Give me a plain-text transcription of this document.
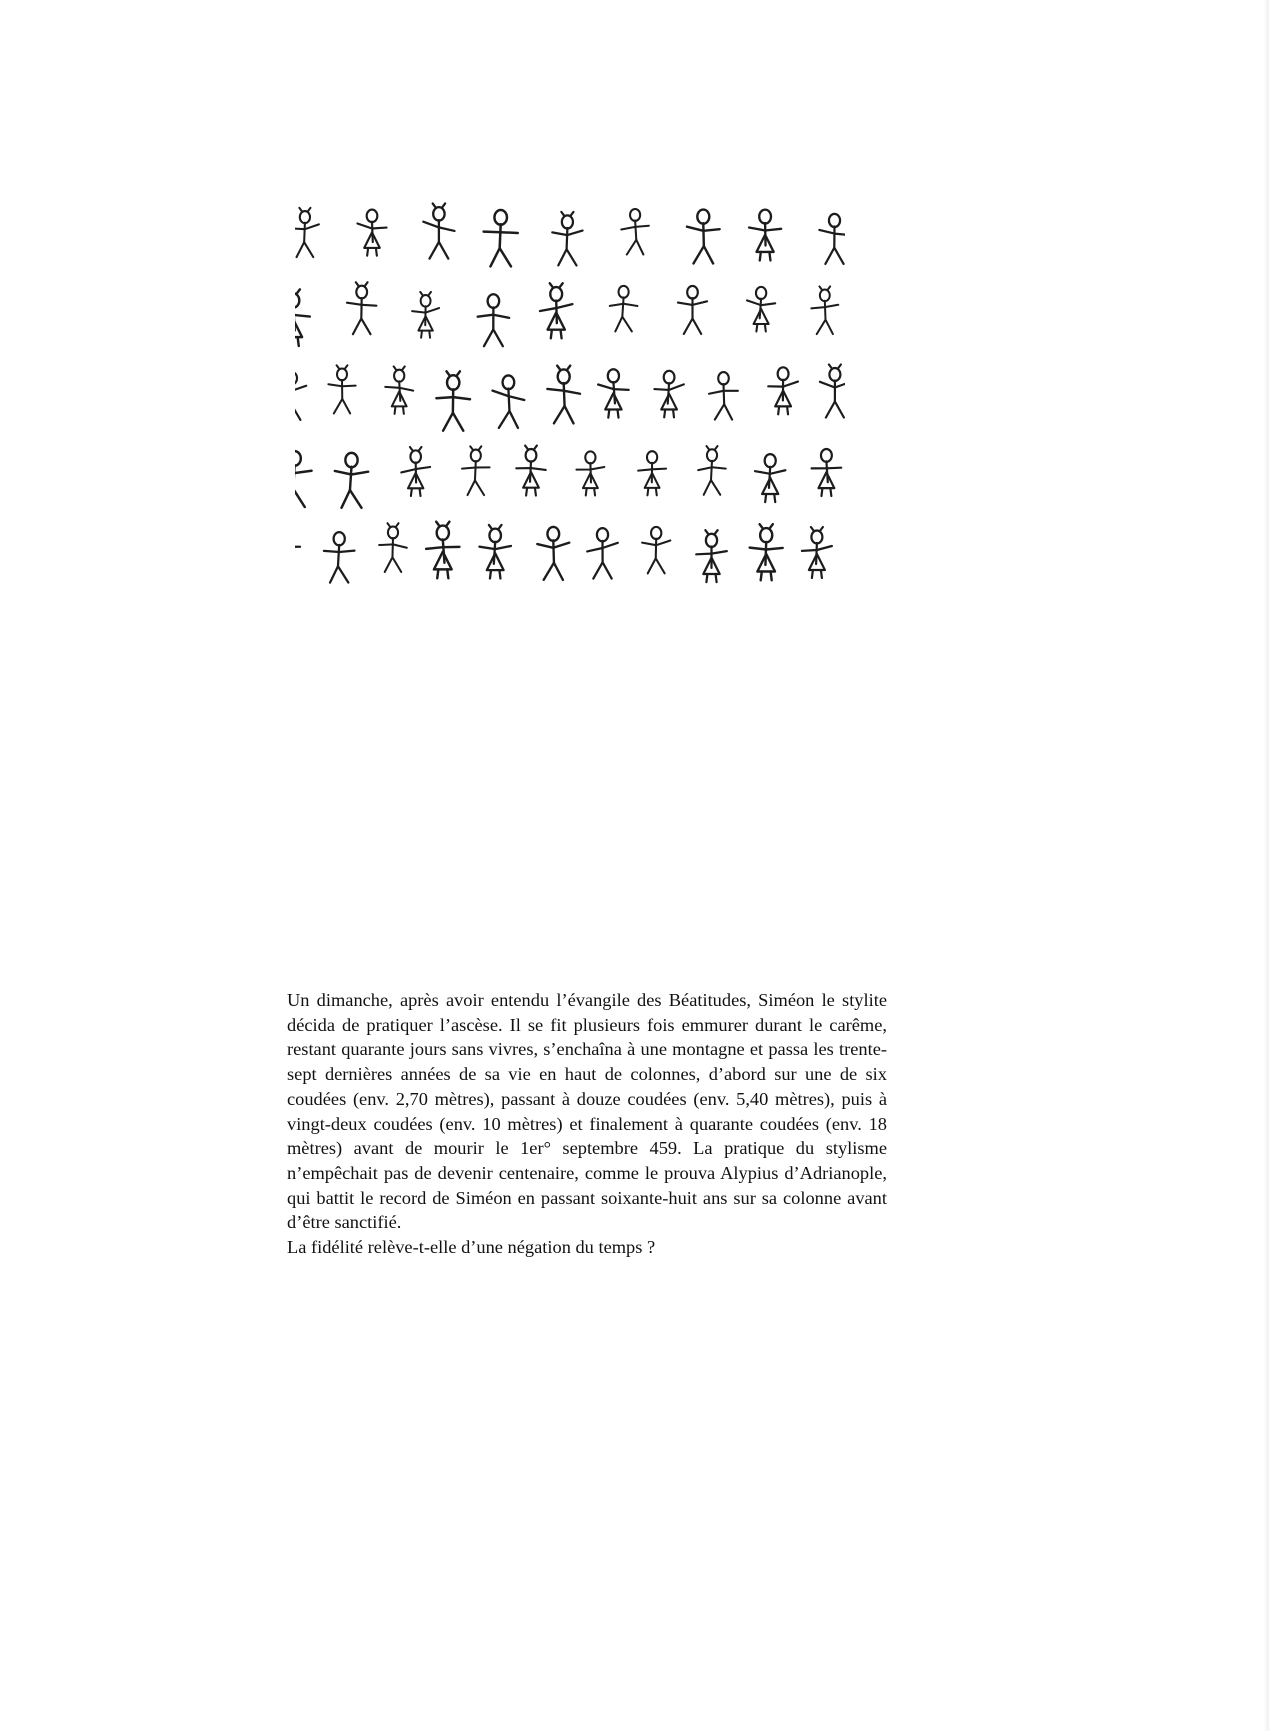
Un dimanche, après avoir entendu l’évangile des Béatitudes, Siméon le stylite décida de pratiquer l’ascèse. Il se fit plusieurs fois emmurer durant le carême, restant quarante jours sans vivres, s’enchaîna à une montagne et passa les trente-sept dernières années de sa vie en haut de colonnes, d’abord sur une de six coudées (env. 2,70 mètres), passant à douze coudées (env. 5,40 mètres), puis à vingt-deux coudées (env. 10 mètres) et finalement à quarante coudées (env. 18 mètres) avant de mourir le 1er° septembre 459. La pratique du stylisme n’empêchait pas de devenir centenaire, comme le prouva Alypius d’Adrianople, qui battit le record de Siméon en passant soixante-huit ans sur sa colonne avant d’être sanctifié.

La fidélité relève-t-elle d’une négation du temps ?
